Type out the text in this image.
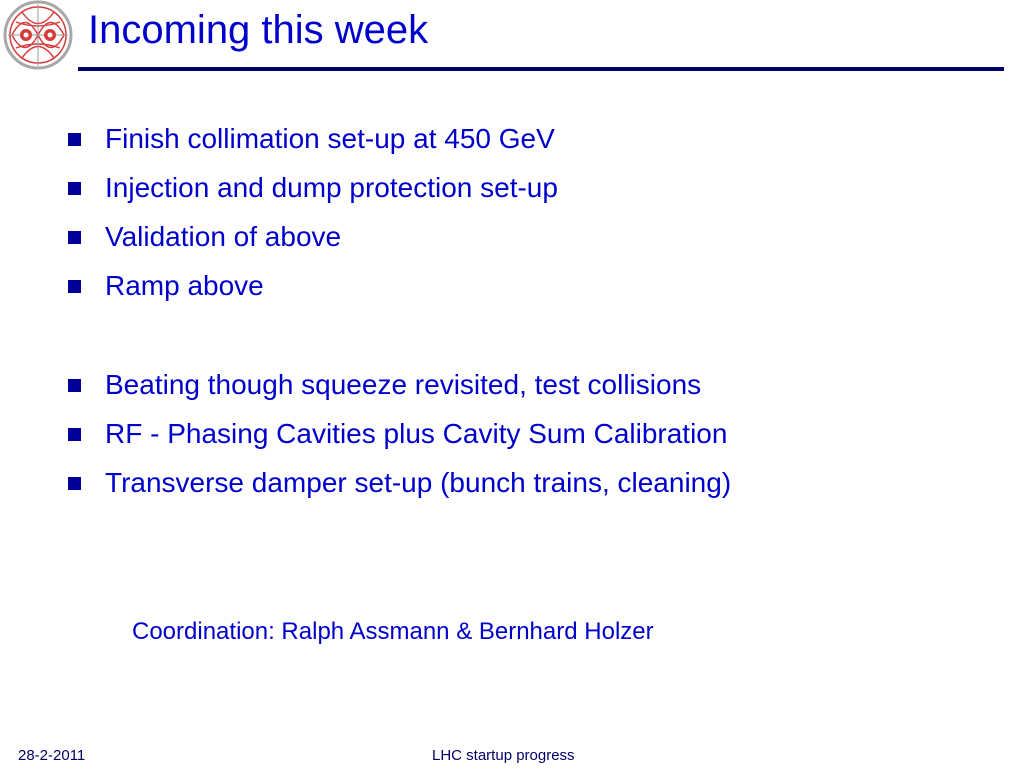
Incoming this week
Finish collimation set-up at 450 GeV
Injection and dump protection set-up
Validation of above
Ramp above
Beating though squeeze revisited, test collisions
RF - Phasing Cavities plus Cavity Sum Calibration
Transverse damper set-up (bunch trains, cleaning)
Coordination: Ralph Assmann & Bernhard Holzer
28-2-2011	LHC startup progress
